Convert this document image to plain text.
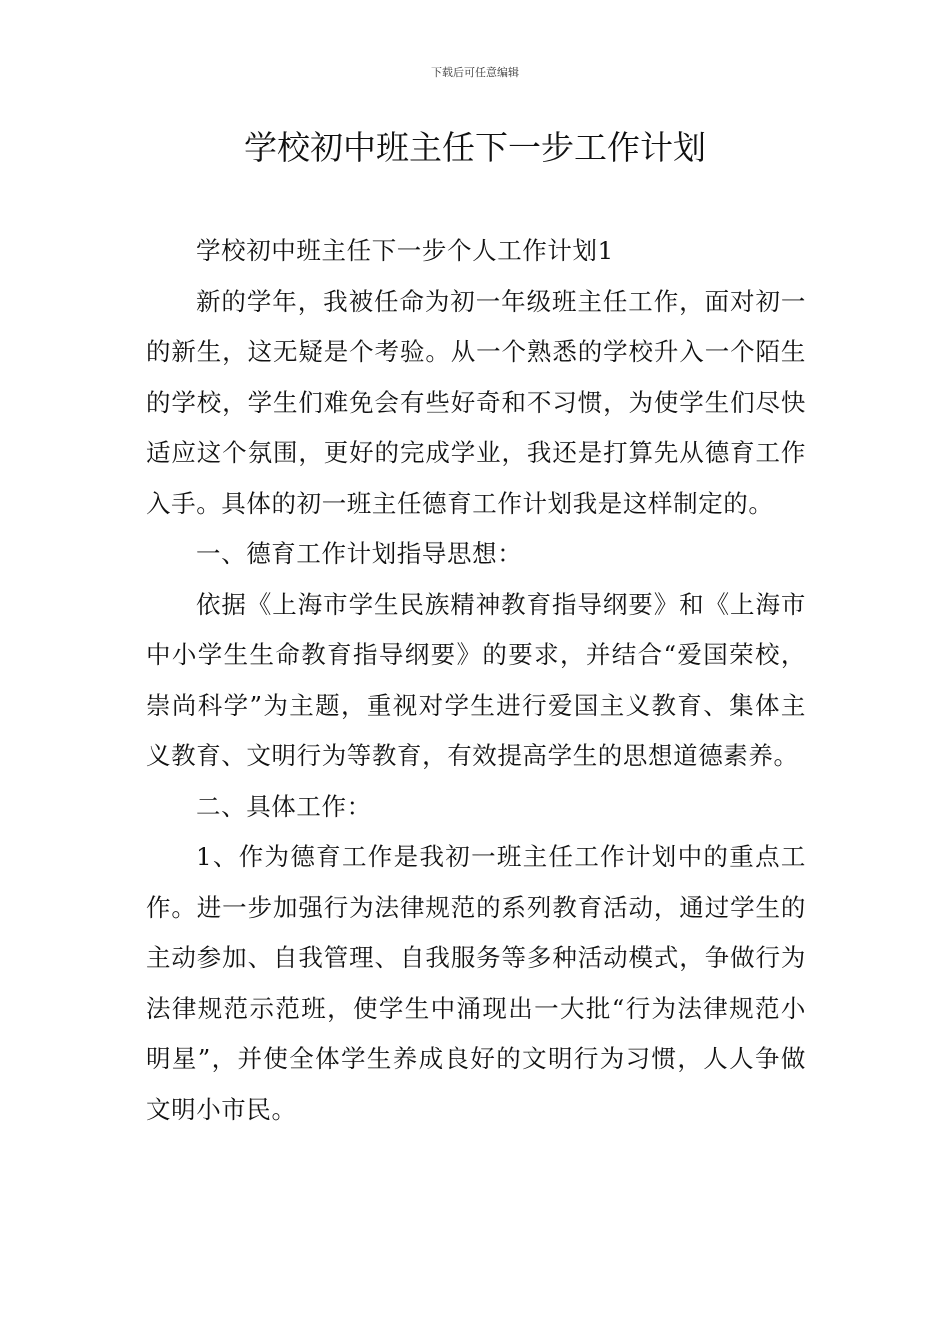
下载后可任意编辑
学校初中班主任下一步工作计划

学校初中班主任下一步个人工作计划1

新的学年，我被任命为初一年级班主任工作，面对初一的新生，这无疑是个考验。从一个熟悉的学校升入一个陌生的学校，学生们难免会有些好奇和不习惯，为使学生们尽快适应这个氛围，更好的完成学业，我还是打算先从德育工作入手。具体的初一班主任德育工作计划我是这样制定的。

一、德育工作计划指导思想：

依据《上海市学生民族精神教育指导纲要》和《上海市中小学生生命教育指导纲要》的要求，并结合“爱国荣校，崇尚科学”为主题，重视对学生进行爱国主义教育、集体主义教育、文明行为等教育，有效提高学生的思想道德素养。

二、具体工作：

1、作为德育工作是我初一班主任工作计划中的重点工作。进一步加强行为法律规范的系列教育活动，通过学生的主动参加、自我管理、自我服务等多种活动模式，争做行为法律规范示范班，使学生中涌现出一大批“行为法律规范小明星”，并使全体学生养成良好的文明行为习惯，人人争做文明小市民。
